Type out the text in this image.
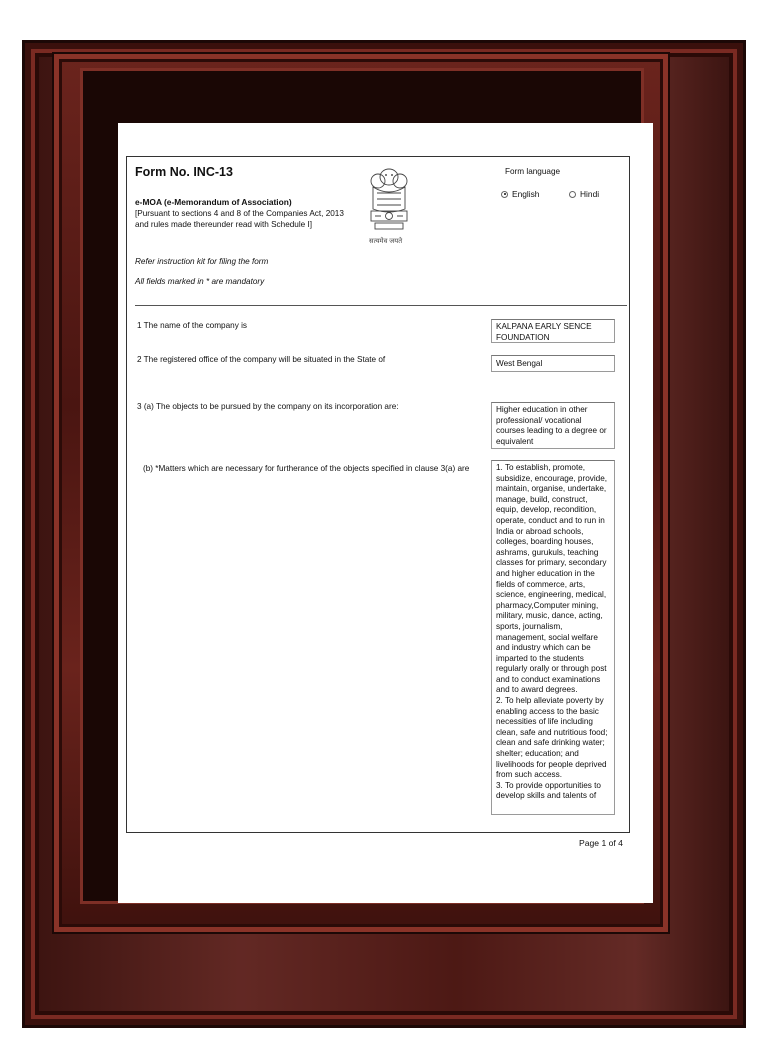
Form No. INC-13
e-MOA (e-Memorandum of Association)
[Pursuant to sections 4 and 8 of the Companies Act, 2013 and rules made thereunder read with Schedule I]
Refer instruction kit for filing the form
All fields marked in * are mandatory
सत्यमेव जयते
Form language
English	Hindi
1 The name of the company is	KALPANA EARLY SENCE
FOUNDATION
2 The registered office of the company will be situated in the State of	West Bengal
3 (a) The objects to be pursued by the company on its incorporation are:	Higher education in other
professional/ vocational
courses leading to a degree or
equivalent
(b) *Matters which are necessary for furtherance of the objects specified in clause 3(a) are	1. To establish, promote,
subsidize, encourage, provide,
maintain, organise, undertake,
manage, build, construct,
equip, develop, recondition,
operate, conduct and to run in
India or abroad schools,
colleges, boarding houses,
ashrams, gurukuls, teaching
classes for primary, secondary
and higher education in the
fields of commerce, arts,
science, engineering, medical,
pharmacy,Computer mining,
military, music, dance, acting,
sports, journalism,
management, social welfare
and industry which can be
imparted to the students
regularly orally or through post
and to conduct examinations
and to award degrees.
2. To help alleviate poverty by
enabling access to the basic
necessities of life including
clean, safe and nutritious food;
clean and safe drinking water;
shelter; education; and
livelihoods for people deprived
from such access.
3. To provide opportunities to
develop skills and talents of
Page 1 of 4
